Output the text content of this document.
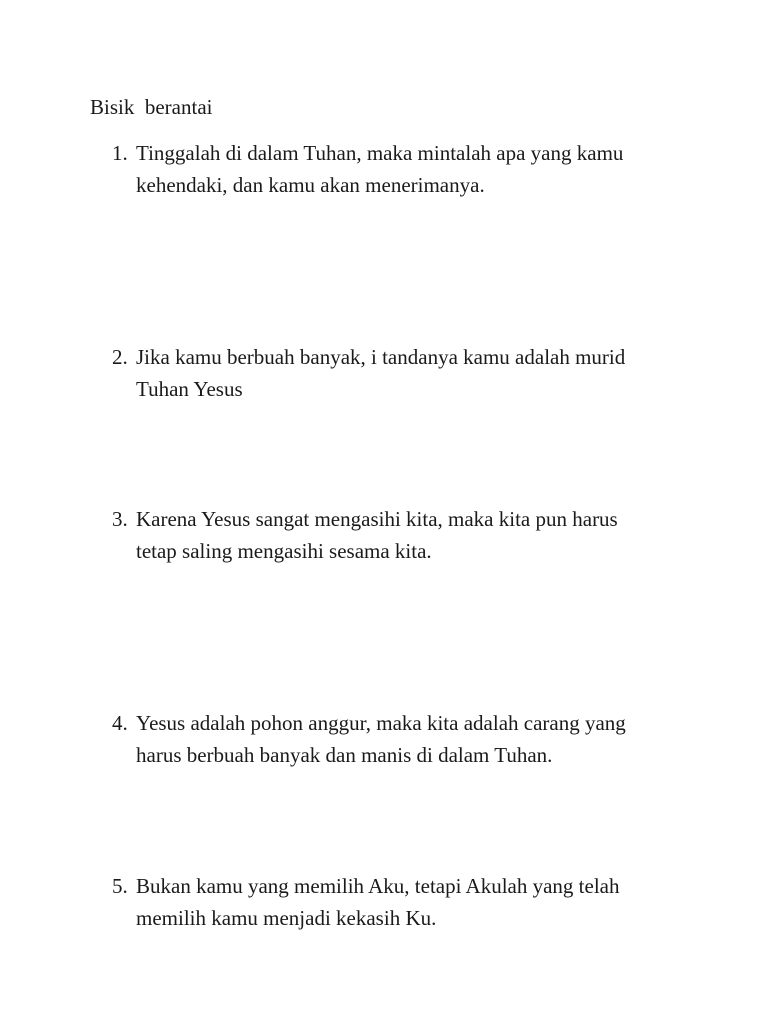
Bisik  berantai
1. Tinggalah di dalam Tuhan, maka mintalah apa yang kamu
kehendaki, dan kamu akan menerimanya.
2. Jika kamu berbuah banyak, i tandanya kamu adalah murid
Tuhan Yesus
3. Karena Yesus sangat mengasihi kita, maka kita pun harus
tetap saling mengasihi sesama kita.
4. Yesus adalah pohon anggur, maka kita adalah carang yang
harus berbuah banyak dan manis di dalam Tuhan.
5. Bukan kamu yang memilih Aku, tetapi Akulah yang telah
memilih kamu menjadi kekasih Ku.
